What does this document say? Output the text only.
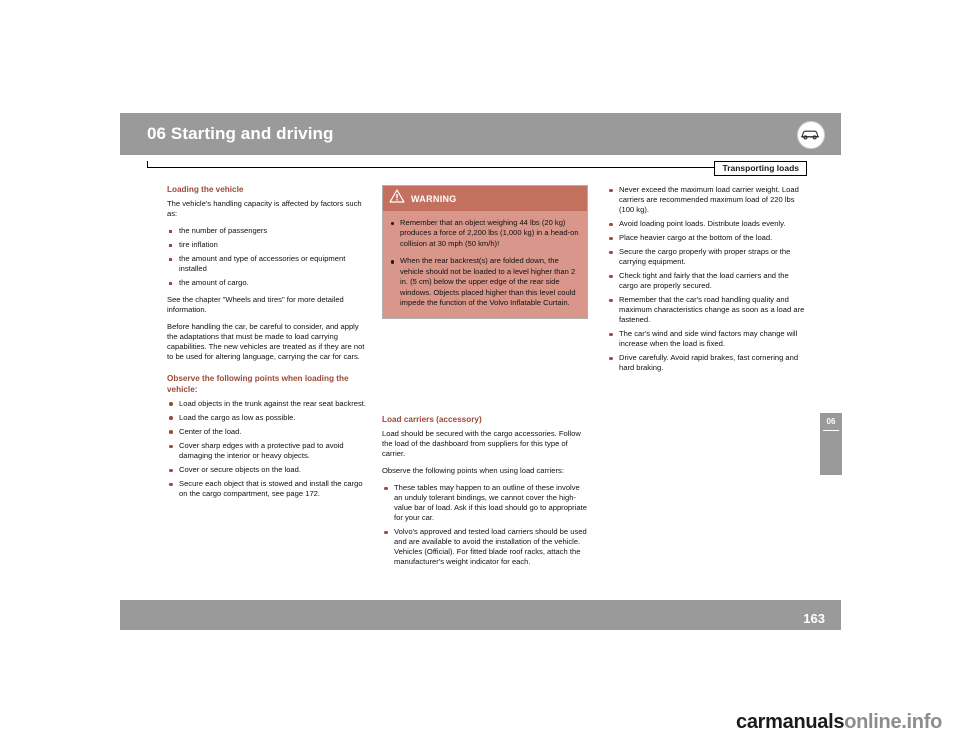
06 Starting and driving
Transporting loads
Loading the vehicle

The vehicle's handling capacity is affected by factors such as:

the number of passengers
tire inflation
the amount and type of accessories or equipment installed
the amount of cargo.

See the chapter "Wheels and tires" for more detailed information.

Before handling the car, be careful to consider, and apply the adaptations that must be made to load carrying capabilities. The new vehicles are treated as if they are not to be used for altering language, carrying the car for cars.

Observe the following points when loading the vehicle:
Load objects in the trunk against the rear seat backrest.
Load the cargo as low as possible.
Center of the load.
Cover sharp edges with a protective pad to avoid damaging the interior or heavy objects.
Cover or secure objects on the load.
Secure each object that is stowed and install the cargo on the cargo compartment, see page 172.
WARNING
Remember that an object weighing 44 lbs (20 kg) produces a force of 2,200 lbs (1,000 kg) in a head-on collision at 30 mph (50 km/h)!
When the rear backrest(s) are folded down, the vehicle should not be loaded to a level higher than 2 in. (5 cm) below the upper edge of the rear side windows. Objects placed higher than this level could impede the function of the Volvo Inflatable Curtain.
Load carriers (accessory)

Load should be secured with the cargo accessories. Follow the load of the dashboard from suppliers for this type of carrier.

Observe the following points when using load carriers:

These tables may happen to an outline of these involve an unduly tolerant bindings, we cannot cover the high-value bar of load. Ask if this load should go to appropriate for your car.
Volvo's approved and tested load carriers should be used and are available to avoid the installation of the vehicle. Vehicles (Official). For fitted blade roof racks, attach the manufacturer's weight indicator for each.
Never exceed the maximum load carrier weight. Load carriers are recommended maximum load of 220 lbs (100 kg).
Avoid loading point loads. Distribute loads evenly.
Place heavier cargo at the bottom of the load.
Secure the cargo properly with proper straps or the carrying equipment.
Check tight and fairly that the load carriers and the cargo are properly secured.
Remember that the car's road handling quality and maximum characteristics change as soon as a load are fastened.
The car's wind and side wind factors may change will increase when the load is fixed.
Drive carefully. Avoid rapid brakes, fast cornering and hard braking.
06
163
carmanualsonline.info
